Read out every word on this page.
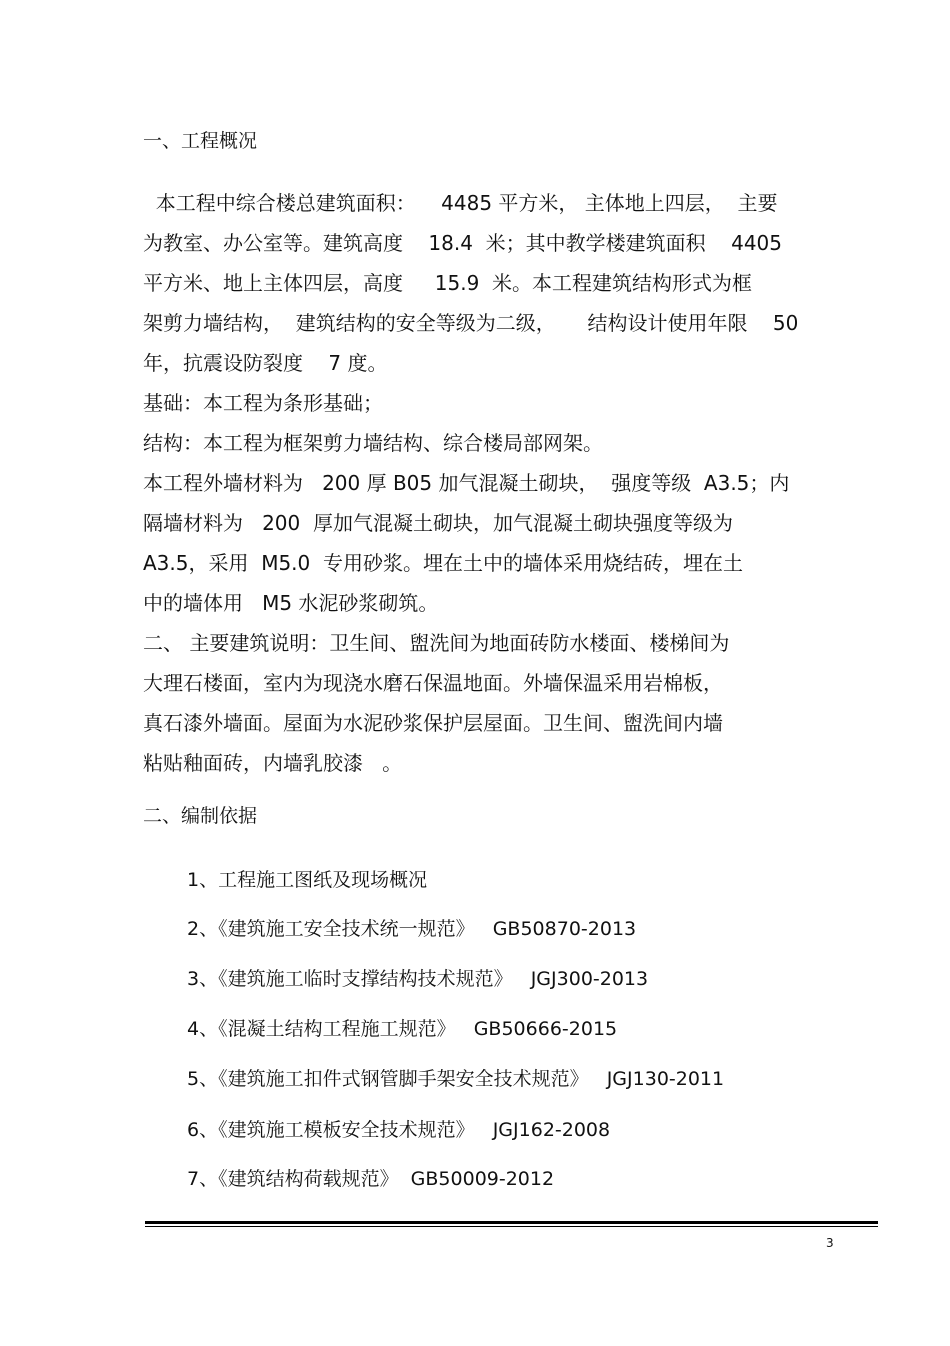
一、工程概况
本工程中综合楼总建筑面积：    4485 平方米， 主体地上四层，  主要
为教室、办公室等。建筑高度    18.4  米；其中教学楼建筑面积    4405
平方米、地上主体四层，高度     15.9  米。本工程建筑结构形式为框
架剪力墙结构，  建筑结构的安全等级为二级，     结构设计使用年限    50
年，抗震设防裂度    7 度。
基础：本工程为条形基础；
结构：本工程为框架剪力墙结构、综合楼局部网架。
本工程外墙材料为   200 厚 B05 加气混凝土砌块，  强度等级  A3.5；内
隔墙材料为   200  厚加气混凝土砌块，加气混凝土砌块强度等级为
A3.5，采用  M5.0  专用砂浆。埋在土中的墙体采用烧结砖，埋在土
中的墙体用   M5 水泥砂浆砌筑。
二、 主要建筑说明：卫生间、盥洗间为地面砖防水楼面、楼梯间为
大理石楼面，室内为现浇水磨石保温地面。外墙保温采用岩棉板，
真石漆外墙面。屋面为水泥砂浆保护层屋面。卫生间、盥洗间内墙
粘贴釉面砖，内墙乳胶漆   。
二、编制依据
1、工程施工图纸及现场概况
2、《建筑施工安全技术统一规范》   GB50870-2013
3、《建筑施工临时支撑结构技术规范》   JGJ300-2013
4、《混凝土结构工程施工规范》   GB50666-2015
5、《建筑施工扣件式钢管脚手架安全技术规范》   JGJ130-2011
6、《建筑施工模板安全技术规范》   JGJ162-2008
7、《建筑结构荷载规范》  GB50009-2012
3
